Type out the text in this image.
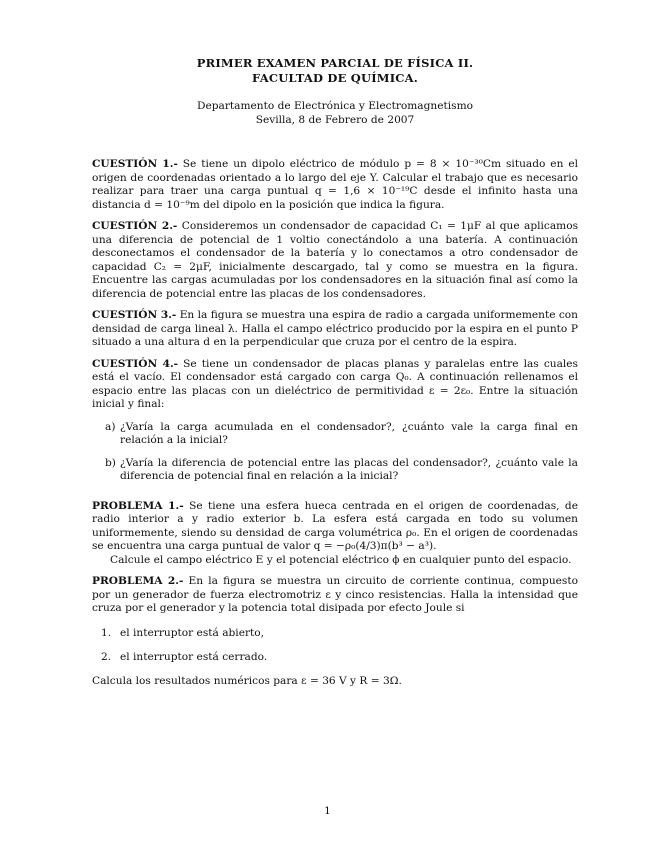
PRIMER EXAMEN PARCIAL DE FÍSICA II.
FACULTAD DE QUÍMICA.
Departamento de Electrónica y Electromagnetismo
Sevilla, 8 de Febrero de 2007
CUESTIÓN 1.- Se tiene un dipolo eléctrico de módulo p = 8 × 10⁻³⁰Cm situado en el origen de coordenadas orientado a lo largo del eje Y. Calcular el trabajo que es necesario realizar para traer una carga puntual q = 1,6 × 10⁻¹⁹C desde el infinito hasta una distancia d = 10⁻⁹m del dipolo en la posición que indica la figura.
CUESTIÓN 2.- Consideremos un condensador de capacidad C₁ = 1μF al que aplicamos una diferencia de potencial de 1 voltio conectándolo a una batería. A continuación desconectamos el condensador de la batería y lo conectamos a otro condensador de capacidad C₂ = 2μF, inicialmente descargado, tal y como se muestra en la figura. Encuentre las cargas acumuladas por los condensadores en la situación final así como la diferencia de potencial entre las placas de los condensadores.
CUESTIÓN 3.- En la figura se muestra una espira de radio a cargada uniformemente con densidad de carga lineal λ. Halla el campo eléctrico producido por la espira en el punto P situado a una altura d en la perpendicular que cruza por el centro de la espira.
CUESTIÓN 4.- Se tiene un condensador de placas planas y paralelas entre las cuales está el vacío. El condensador está cargado con carga Q₀. A continuación rellenamos el espacio entre las placas con un dieléctrico de permitividad ε = 2ε₀. Entre la situación inicial y final:
a) ¿Varía la carga acumulada en el condensador?, ¿cuánto vale la carga final en relación a la inicial?
b) ¿Varía la diferencia de potencial entre las placas del condensador?, ¿cuánto vale la diferencia de potencial final en relación a la inicial?
PROBLEMA 1.- Se tiene una esfera hueca centrada en el origen de coordenadas, de radio interior a y radio exterior b. La esfera está cargada en todo su volumen uniformemente, siendo su densidad de carga volumétrica ρ₀. En el origen de coordenadas se encuentra una carga puntual de valor q = −ρ₀(4/3)π(b³ − a³).
Calcule el campo eléctrico E y el potencial eléctrico ϕ en cualquier punto del espacio.
PROBLEMA 2.- En la figura se muestra un circuito de corriente continua, compuesto por un generador de fuerza electromotriz ε y cinco resistencias. Halla la intensidad que cruza por el generador y la potencia total disipada por efecto Joule si
1. el interruptor está abierto,
2. el interruptor está cerrado.
Calcula los resultados numéricos para ε = 36 V y R = 3Ω.
1
